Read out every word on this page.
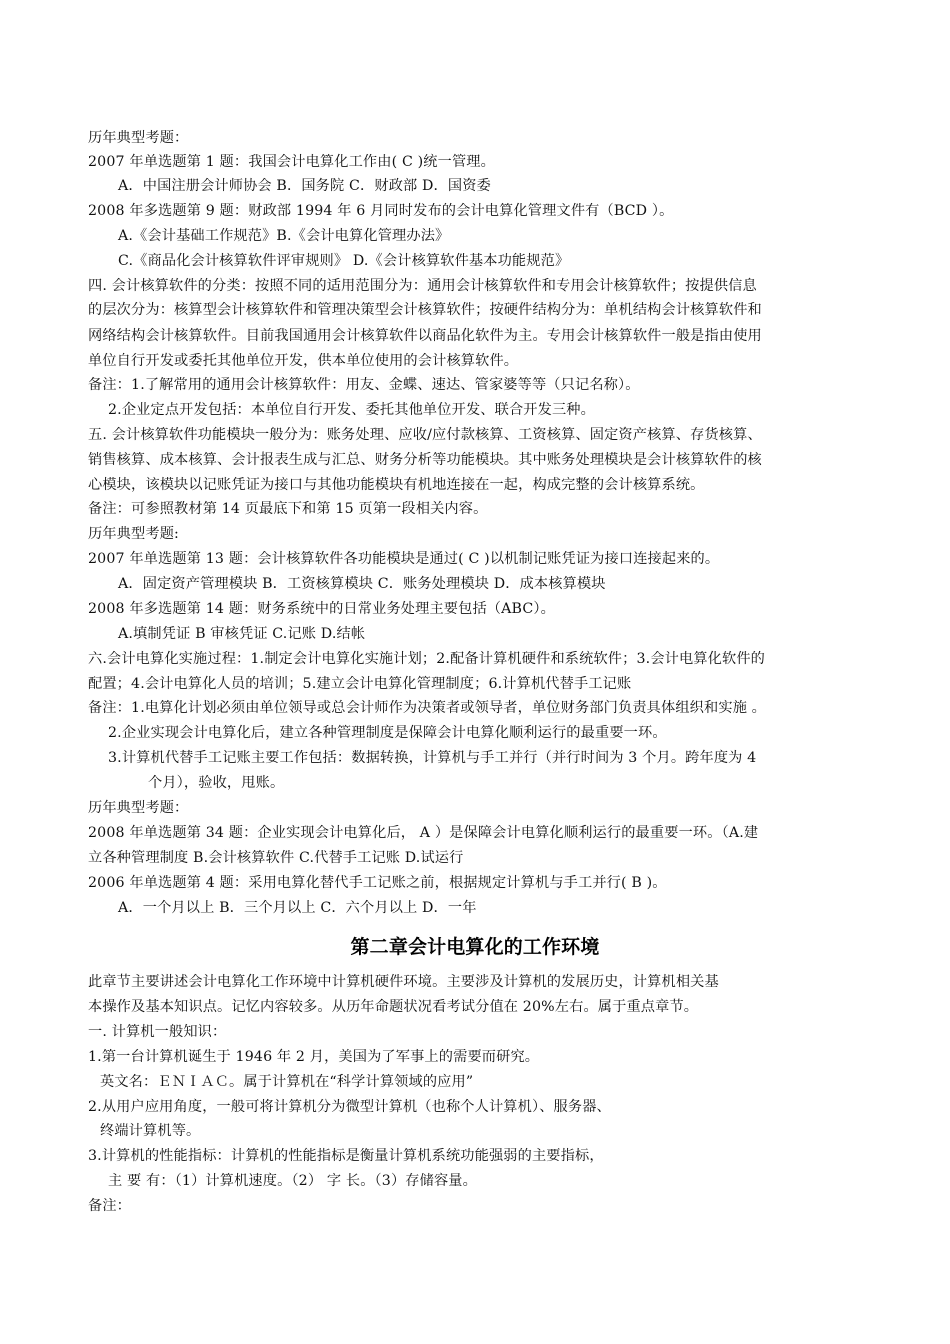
历年典型考题：
2007 年单选题第 1 题：我国会计电算化工作由( C )统一管理。
A．中国注册会计师协会 B．国务院 C．财政部 D．国资委
2008 年多选题第 9 题：财政部 1994 年 6 月同时发布的会计电算化管理文件有（BCD ）。
A.《会计基础工作规范》B.《会计电算化管理办法》
C.《商品化会计核算软件评审规则》 D.《会计核算软件基本功能规范》
四. 会计核算软件的分类：按照不同的适用范围分为：通用会计核算软件和专用会计核算软件；按提供信息
的层次分为：核算型会计核算软件和管理决策型会计核算软件；按硬件结构分为：单机结构会计核算软件和
网络结构会计核算软件。目前我国通用会计核算软件以商品化软件为主。专用会计核算软件一般是指由使用
单位自行开发或委托其他单位开发，供本单位使用的会计核算软件。
备注：1.了解常用的通用会计核算软件：用友、金蝶、速达、管家婆等等（只记名称）。
2.企业定点开发包括：本单位自行开发、委托其他单位开发、联合开发三种。
五. 会计核算软件功能模块一般分为：账务处理、应收/应付款核算、工资核算、固定资产核算、存货核算、
销售核算、成本核算、会计报表生成与汇总、财务分析等功能模块。其中账务处理模块是会计核算软件的核
心模块，该模块以记账凭证为接口与其他功能模块有机地连接在一起，构成完整的会计核算系统。
备注：可参照教材第 14 页最底下和第 15 页第一段相关内容。
历年典型考题:
2007 年单选题第 13 题：会计核算软件各功能模块是通过( C )以机制记账凭证为接口连接起来的。
A．固定资产管理模块 B．工资核算模块 C．账务处理模块 D．成本核算模块
2008 年多选题第 14 题：财务系统中的日常业务处理主要包括（ABC）。
A.填制凭证 B 审核凭证 C.记账 D.结帐
六.会计电算化实施过程：1.制定会计电算化实施计划；2.配备计算机硬件和系统软件；3.会计电算化软件的
配置；4.会计电算化人员的培训；5.建立会计电算化管理制度；6.计算机代替手工记账
备注：1.电算化计划必须由单位领导或总会计师作为决策者或领导者，单位财务部门负责具体组织和实施 。
2.企业实现会计电算化后，建立各种管理制度是保障会计电算化顺利运行的最重要一环。
3.计算机代替手工记账主要工作包括：数据转换，计算机与手工并行（并行时间为 3 个月。跨年度为 4
个月），验收，甩账。
历年典型考题：
2008 年单选题第 34 题：企业实现会计电算化后， A ）是保障会计电算化顺利运行的最重要一环。（A.建
立各种管理制度 B.会计核算软件 C.代替手工记账 D.试运行
2006 年单选题第 4 题：采用电算化替代手工记账之前，根据规定计算机与手工并行( B )。
A．一个月以上 B．三个月以上 C．六个月以上 D．一年
第二章会计电算化的工作环境
此章节主要讲述会计电算化工作环境中计算机硬件环境。主要涉及计算机的发展历史，计算机相关基
本操作及基本知识点。记忆内容较多。从历年命题状况看考试分值在 20%左右。属于重点章节。
一. 计算机一般知识：
1.第一台计算机诞生于 1946 年 2 月，美国为了军事上的需要而研究。
英文名：ＥＮＩＡＣ。属于计算机在“科学计算领域的应用”
2.从用户应用角度，一般可将计算机分为微型计算机（也称个人计算机）、服务器、
终端计算机等。
3.计算机的性能指标：计算机的性能指标是衡量计算机系统功能强弱的主要指标，
主 要 有：（1）计算机速度。（2） 字 长。（3）存储容量。
备注：
